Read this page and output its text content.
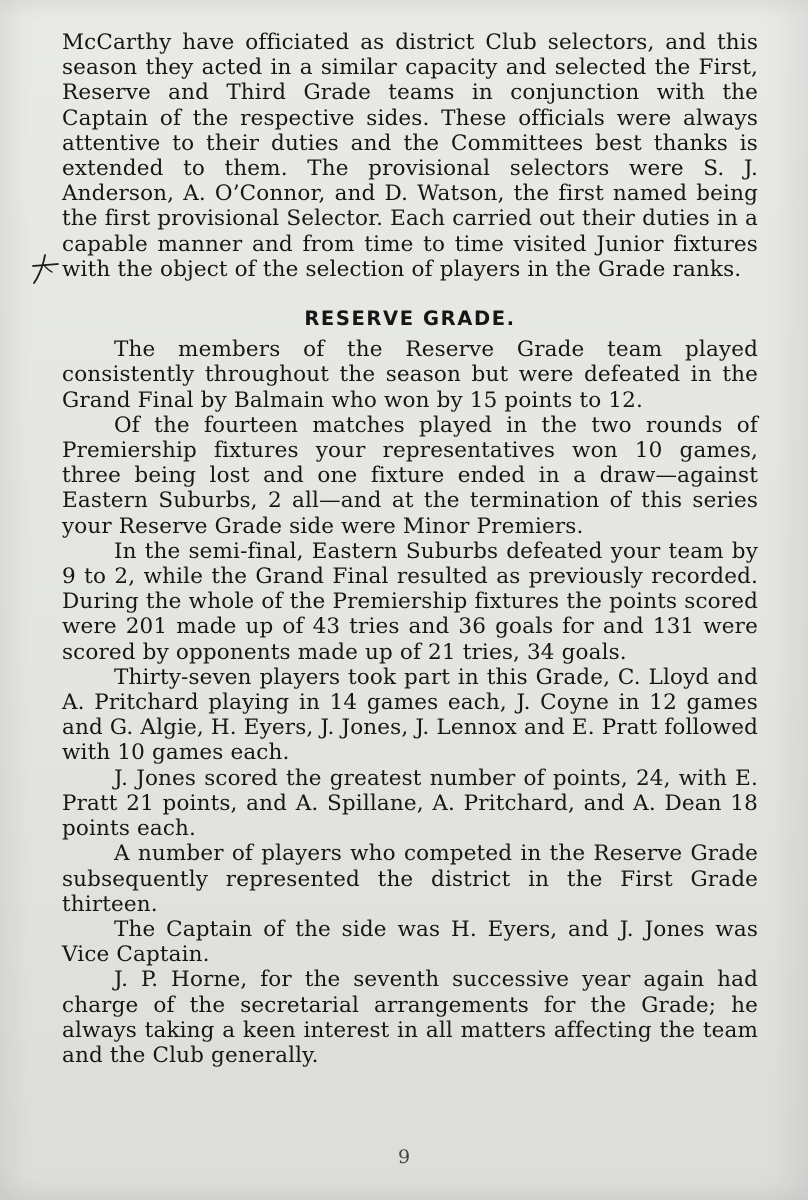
McCarthy have officiated as district Club selectors, and this season they acted in a similar capacity and selected the First, Reserve and Third Grade teams in conjunction with the Captain of the respective sides. These officials were always attentive to their duties and the Committees best thanks is extended to them. The provisional selectors were S. J. Anderson, A. O’Connor, and D. Watson, the first named being the first provisional Selector. Each carried out their duties in a capable manner and from time to time visited Junior fixtures with the object of the selection of players in the Grade ranks.

RESERVE GRADE.

The members of the Reserve Grade team played consistently throughout the season but were defeated in the Grand Final by Balmain who won by 15 points to 12.

Of the fourteen matches played in the two rounds of Premiership fixtures your representatives won 10 games, three being lost and one fixture ended in a draw—against Eastern Suburbs, 2 all—and at the termination of this series your Reserve Grade side were Minor Premiers.

In the semi-final, Eastern Suburbs defeated your team by 9 to 2, while the Grand Final resulted as previously recorded. During the whole of the Premiership fixtures the points scored were 201 made up of 43 tries and 36 goals for and 131 were scored by opponents made up of 21 tries, 34 goals.

Thirty-seven players took part in this Grade, C. Lloyd and A. Pritchard playing in 14 games each, J. Coyne in 12 games and G. Algie, H. Eyers, J. Jones, J. Lennox and E. Pratt followed with 10 games each.

J. Jones scored the greatest number of points, 24, with E. Pratt 21 points, and A. Spillane, A. Pritchard, and A. Dean 18 points each.

A number of players who competed in the Reserve Grade subsequently represented the district in the First Grade thirteen.

The Captain of the side was H. Eyers, and J. Jones was Vice Captain.

J. P. Horne, for the seventh successive year again had charge of the secretarial arrangements for the Grade; he always taking a keen interest in all matters affecting the team and the Club generally.

9
